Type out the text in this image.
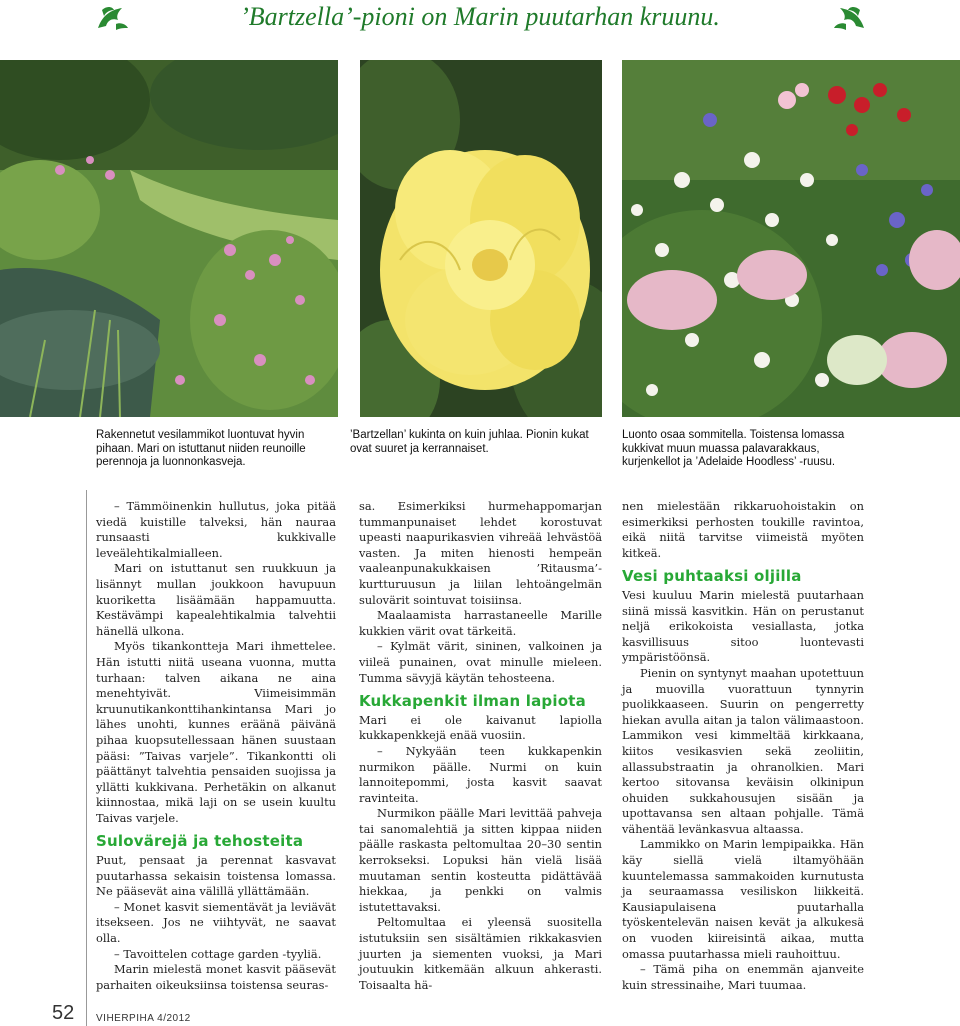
’Bartzella’-pioni on Marin puutarhan kruunu.
Rakennetut vesilammikot luontuvat hyvin pihaan. Mari on istuttanut niiden reunoille perennoja ja luonnonkasveja.
’Bartzellan’ kukinta on kuin juhlaa. Pionin kukat ovat suuret ja kerrannaiset.
Luonto osaa sommitella. Toistensa lomassa kukkivat muun muassa palavarakkaus, kurjenkellot ja ’Adelaide Hoodless’ -ruusu.

– Tämmöinenkin hullutus, joka pitää viedä kuistille talveksi, hän nauraa runsaasti kukkivalle leveälehtikalmialleen.

Mari on istuttanut sen ruukkuun ja lisännyt mullan joukkoon havupuun kuoriketta lisäämään happamuutta. Kestävämpi kapealehtikalmia talvehtii hänellä ulkona.

Myös tikankontteja Mari ihmettelee. Hän istutti niitä useana vuonna, mutta turhaan: talven aikana ne aina menehtyivät. Viimeisimmän kruunutikankonttihankintansa Mari jo lähes unohti, kunnes eräänä päivänä pihaa kuopsutellessaan hänen suustaan pääsi: ”Taivas varjele”. Tikankontti oli päättänyt talvehtia pensaiden suojissa ja yllätti kukkivana. Perhetäkin on alkanut kiinnostaa, mikä laji on se usein kuultu Taivas varjele.

Sulovärejä ja tehosteita

Puut, pensaat ja perennat kasvavat puutarhassa sekaisin toistensa lomassa. Ne pääsevät aina välillä yllättämään.

– Monet kasvit siementävät ja leviävät itsekseen. Jos ne viihtyvät, ne saavat olla.

– Tavoittelen cottage garden -tyyliä.

Marin mielestä monet kasvit pääsevät parhaiten oikeuksiinsa toistensa seuras-

sa. Esimerkiksi hurmehappomarjan tummanpunaiset lehdet korostuvat upeasti naapurikasvien vihreää lehvästöä vasten. Ja miten hienosti hempeän vaaleanpunakukkaisen ’Ritausma’-kurtturuusun ja liilan lehtoängelmän sulovärit sointuvat toisiinsa.

Maalaamista harrastaneelle Marille kukkien värit ovat tärkeitä.

– Kylmät värit, sininen, valkoinen ja viileä punainen, ovat minulle mieleen. Tumma sävyjä käytän tehosteena.

Kukkapenkit ilman lapiota

Mari ei ole kaivanut lapiolla kukkapenkkejä enää vuosiin.

– Nykyään teen kukkapenkin nurmikon päälle. Nurmi on kuin lannoitepommi, josta kasvit saavat ravinteita.

Nurmikon päälle Mari levittää pahveja tai sanomalehtiä ja sitten kippaa niiden päälle raskasta peltomultaa 20–30 sentin kerrokseksi. Lopuksi hän vielä lisää muutaman sentin kosteutta pidättävää hiekkaa, ja penkki on valmis istutettavaksi.

Peltomultaa ei yleensä suositella istutuksiin sen sisältämien rikkakasvien juurten ja siementen vuoksi, ja Mari joutuukin kitkemään alkuun ahkerasti. Toisaalta hä-

nen mielestään rikkaruohoistakin on esimerkiksi perhosten toukille ravintoa, eikä niitä tarvitse viimeistä myöten kitkeä.

Vesi puhtaaksi oljilla

Vesi kuuluu Marin mielestä puutarhaan siinä missä kasvitkin. Hän on perustanut neljä erikokoista vesiallasta, jotka kasvillisuus sitoo luontevasti ympäristöönsä.

Pienin on syntynyt maahan upotettuun ja muovilla vuorattuun tynnyrin puolikkaaseen. Suurin on pengerretty hiekan avulla aitan ja talon välimaastoon. Lammikon vesi kimmeltää kirkkaana, kiitos vesikasvien sekä zeoliitin, allassubstraatin ja ohranolkien. Mari kertoo sitovansa keväisin olkinipun ohuiden sukkahousujen sisään ja upottavansa sen altaan pohjalle. Tämä vähentää levänkasvua altaassa.

Lammikko on Marin lempipaikka. Hän käy siellä vielä iltamyöhään kuuntelemassa sammakoiden kurnutusta ja seuraamassa vesiliskon liikkeitä. Kausiapulaisena puutarhalla työskentelevän naisen kevät ja alkukesä on vuoden kiireisintä aikaa, mutta omassa puutarhassa mieli rauhoittuu.

– Tämä piha on enemmän ajanveite kuin stressinaihe, Mari tuumaa.

52 VIHERPIHA 4/2012
